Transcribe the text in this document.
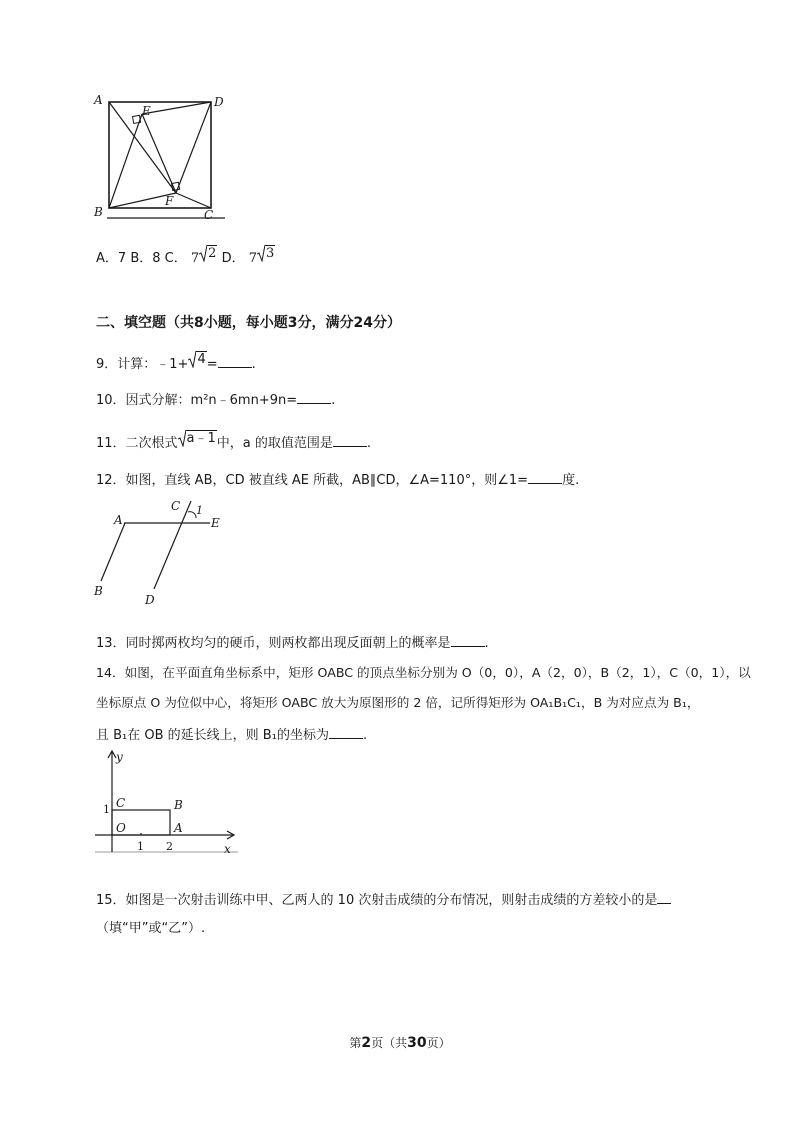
A	D
B	C
E
F
A．7 B．8 C． 7 2 D． 7 3
二、填空题（共8小题，每小题3分，满分24分）
9．计算：﹣1+ 4 =	.
10．因式分解：m²n﹣6mn+9n=	.
11．二次根式 a﹣1 中，a 的取值范围是	.
12．如图，直线 AB，CD 被直线 AE 所截，AB∥CD，∠A=110°，则∠1=	度.
A
C 1
E
B
D
13．同时掷两枚均匀的硬币，则两枚都出现反面朝上的概率是	.
14．如图，在平面直角坐标系中，矩形 OABC 的顶点坐标分别为 O（0，0），A（2，0），B（2，1），C（0，1），以
坐标原点 O 为位似中心，将矩形 OABC 放大为原图形的 2 倍，记所得矩形为 OA₁B₁C₁，B 为对应点为 B₁，
且 B₁在 OB 的延长线上，则 B₁的坐标为	.
y
x
C	B
O	A
1
1 2
15．如图是一次射击训练中甲、乙两人的 10 次射击成绩的分布情况，则射击成绩的方差较小的是
（填“甲”或“乙”）.
第2页（共30页）
